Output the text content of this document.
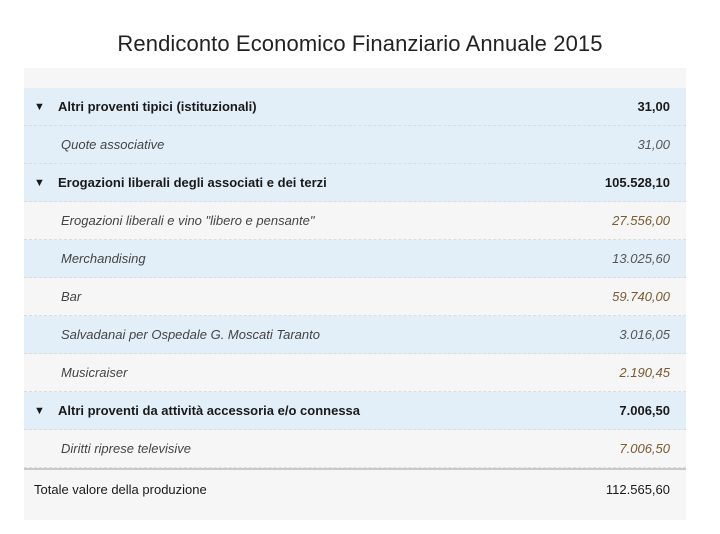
Rendiconto Economico Finanziario Annuale 2015
▼ Altri proventi tipici (istituzionali)	31,00
Quote associative	31,00
▼ Erogazioni liberali degli associati e dei terzi	105.528,10
Erogazioni liberali e vino "libero e pensante"	27.556,00
Merchandising	13.025,60
Bar	59.740,00
Salvadanai per Ospedale G. Moscati Taranto	3.016,05
Musicraiser	2.190,45
▼ Altri proventi da attività accessoria e/o connessa	7.006,50
Diritti riprese televisive	7.006,50
Totale valore della produzione	112.565,60
